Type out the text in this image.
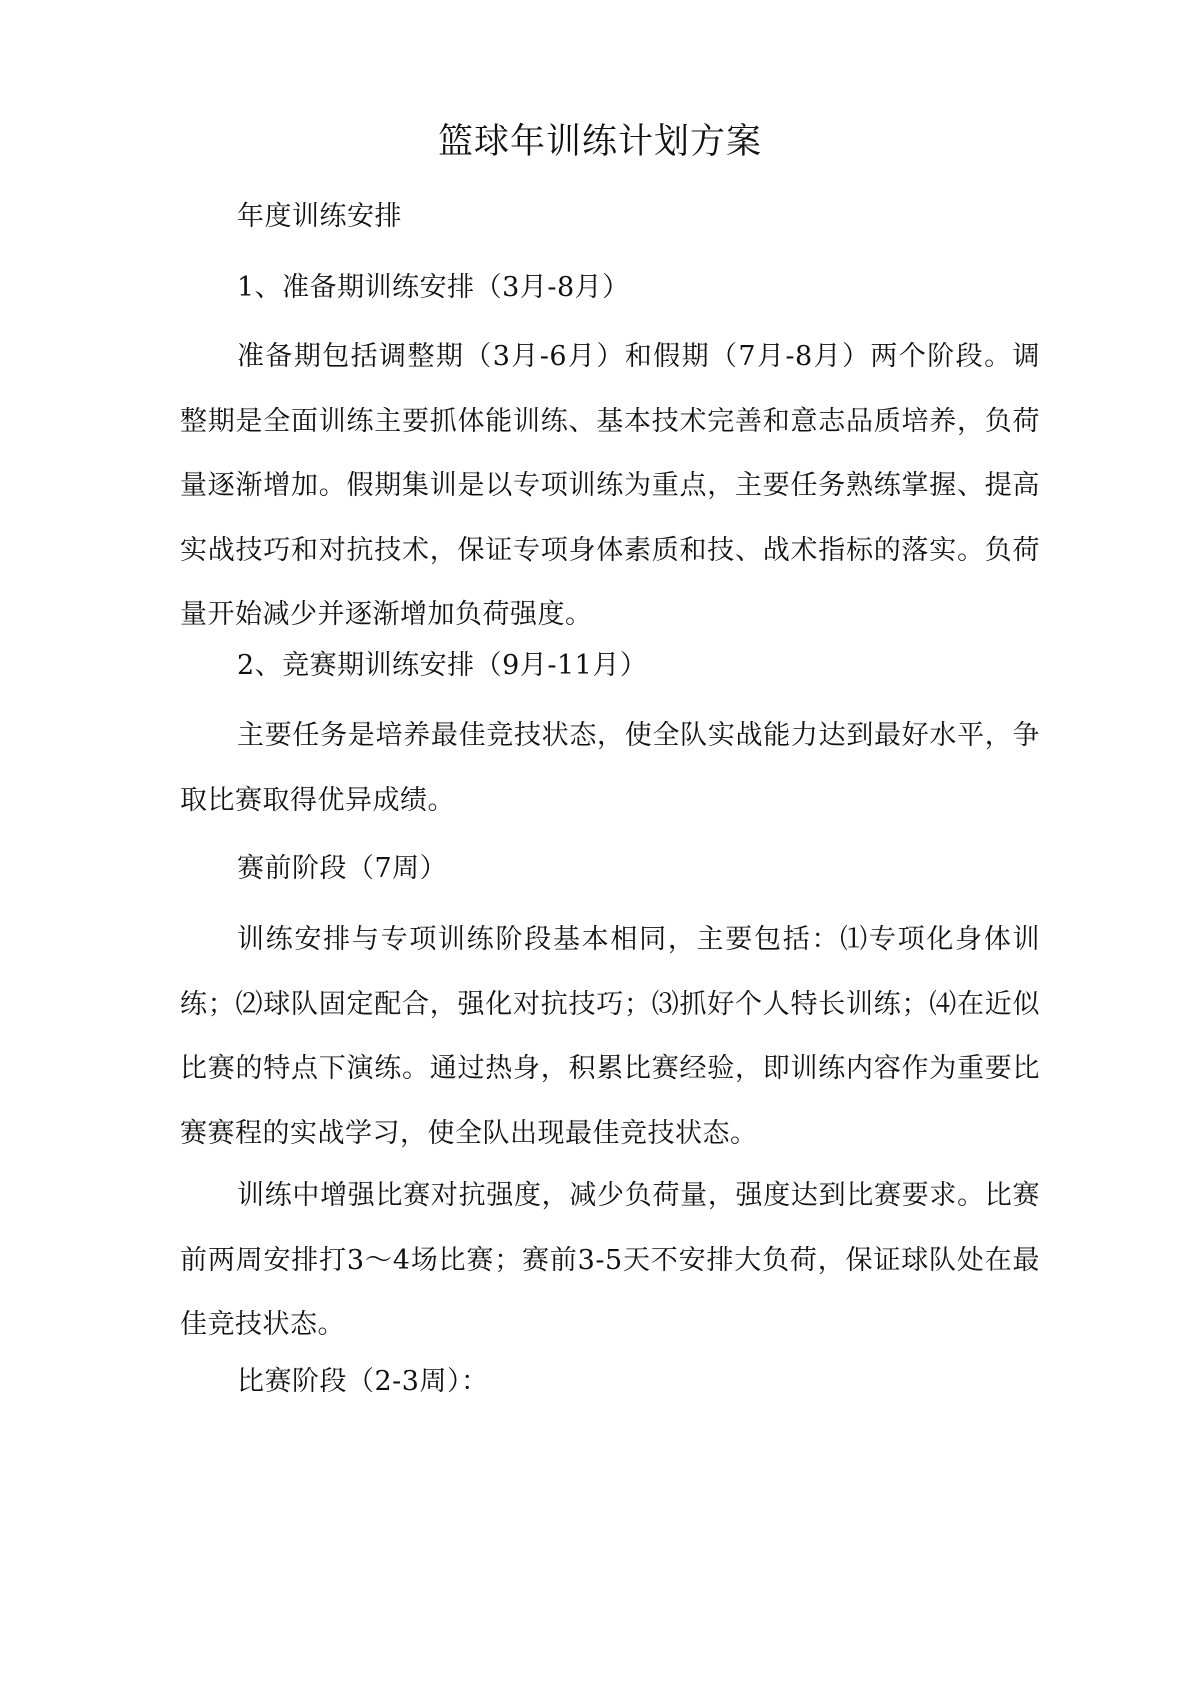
篮球年训练计划方案

年度训练安排

1、准备期训练安排（3月-8月）

准备期包括调整期（3月-6月）和假期（7月-8月）两个阶段。调整期是全面训练主要抓体能训练、基本技术完善和意志品质培养，负荷量逐渐增加。假期集训是以专项训练为重点，主要任务熟练掌握、提高实战技巧和对抗技术，保证专项身体素质和技、战术指标的落实。负荷量开始减少并逐渐增加负荷强度。

2、竞赛期训练安排（9月-11月）

主要任务是培养最佳竞技状态，使全队实战能力达到最好水平，争取比赛取得优异成绩。

赛前阶段（7周）

训练安排与专项训练阶段基本相同，主要包括：⑴专项化身体训练；⑵球队固定配合，强化对抗技巧；⑶抓好个人特长训练；⑷在近似比赛的特点下演练。通过热身，积累比赛经验，即训练内容作为重要比赛赛程的实战学习，使全队出现最佳竞技状态。

训练中增强比赛对抗强度，减少负荷量，强度达到比赛要求。比赛前两周安排打3〜4场比赛；赛前3-5天不安排大负荷，保证球队处在最佳竞技状态。

比赛阶段（2-3周）：
